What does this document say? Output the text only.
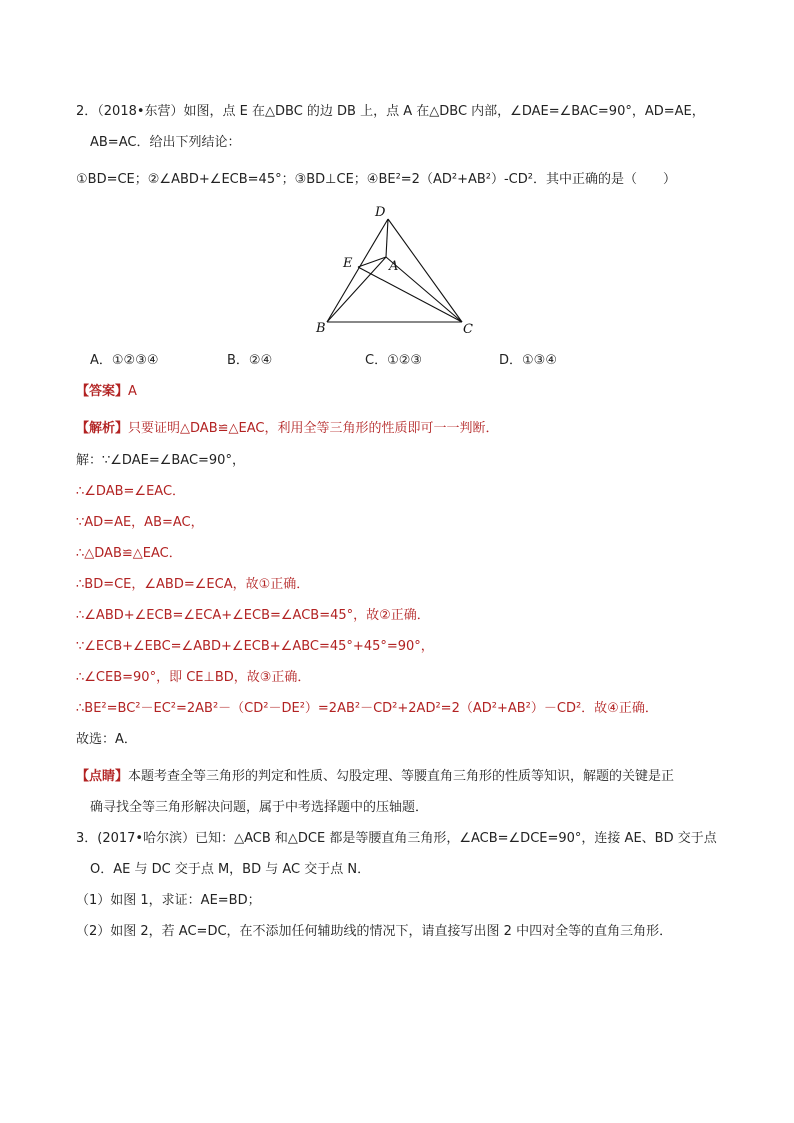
2．（2018•东营）如图，点 E 在△DBC 的边 DB 上，点 A 在△DBC 内部，∠DAE=∠BAC=90°，AD=AE，
AB=AC．给出下列结论：
①BD=CE；②∠ABD+∠ECB=45°；③BD⊥CE；④BE²=2（AD²+AB²）-CD²．其中正确的是（　　）
D
E	A
B	C
A．①②③④	B．②④	C．①②③	D．①③④
【答案】A
【解析】只要证明△DAB≌△EAC，利用全等三角形的性质即可一一判断．
解：∵∠DAE=∠BAC=90°，
∴∠DAB=∠EAC．
∵AD=AE，AB=AC，
∴△DAB≌△EAC．
∴BD=CE，∠ABD=∠ECA，故①正确．
∴∠ABD+∠ECB=∠ECA+∠ECB=∠ACB=45°，故②正确．
∵∠ECB+∠EBC=∠ABD+∠ECB+∠ABC=45°+45°=90°，
∴∠CEB=90°，即 CE⊥BD，故③正确．
∴BE²=BC²－EC²=2AB²－（CD²－DE²）=2AB²－CD²+2AD²=2（AD²+AB²）－CD²．故④正确．
故选：A．
【点睛】本题考查全等三角形的判定和性质、勾股定理、等腰直角三角形的性质等知识，解题的关键是正
确寻找全等三角形解决问题，属于中考选择题中的压轴题．
3．(2017•哈尔滨）已知：△ACB 和△DCE 都是等腰直角三角形，∠ACB=∠DCE=90°，连接 AE、BD 交于点
O．AE 与 DC 交于点 M，BD 与 AC 交于点 N．
（1）如图 1，求证：AE=BD；
（2）如图 2，若 AC=DC，在不添加任何辅助线的情况下，请直接写出图 2 中四对全等的直角三角形．
